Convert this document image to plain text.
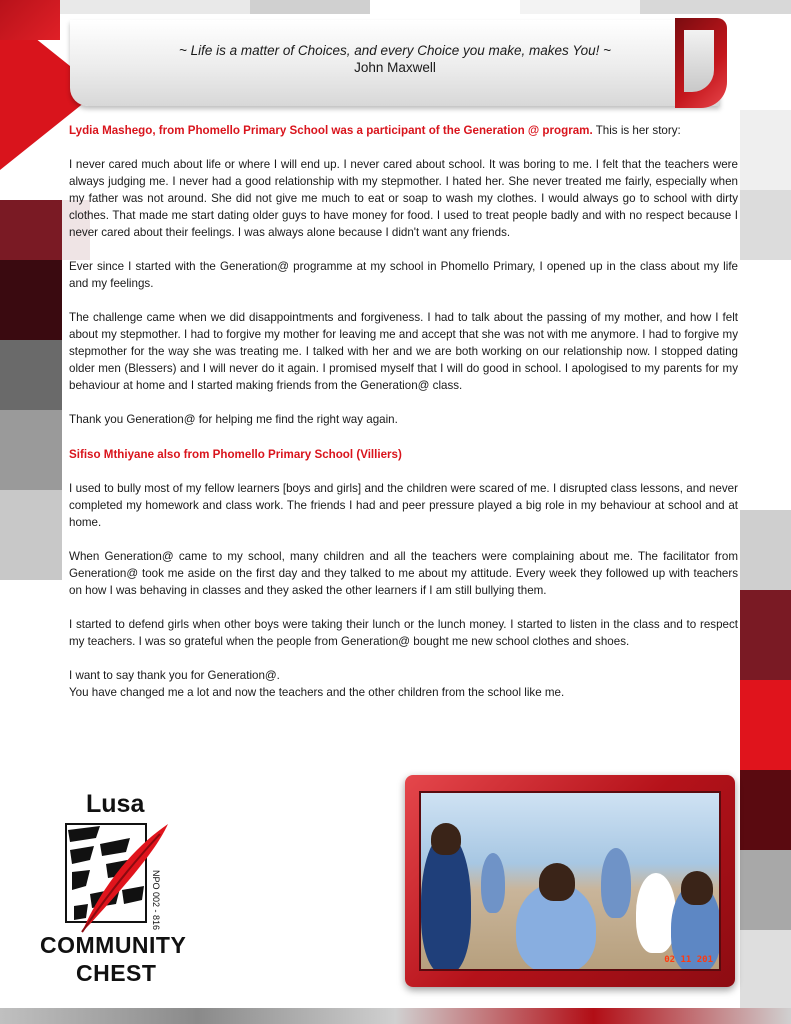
~ Life is a matter of Choices, and every Choice you make, makes You! ~
John Maxwell

Lydia Mashego, from Phomello Primary School was a participant of the Generation @ program. This is her story:

I never cared much about life or where I will end up. I never cared about school. It was boring to me. I felt that the teachers were always judging me. I never had a good relationship with my stepmother. I hated her. She never treated me fairly, especially when my father was not around. She did not give me much to eat or soap to wash my clothes. I would always go to school with dirty clothes. That made me start dating older guys to have money for food. I used to treat people badly and with no respect because I never cared about their feelings. I was always alone because I didn't want any friends.

Ever since I started with the Generation@ programme at my school in Phomello Primary, I opened up in the class about my life and my feelings.

The challenge came when we did disappointments and forgiveness. I had to talk about the passing of my mother, and how I felt about my stepmother. I had to forgive my mother for leaving me and accept that she was not with me anymore. I had to forgive my stepmother for the way she was treating me. I talked with her and we are both working on our relationship now. I stopped dating older men (Blessers) and I will never do it again. I promised myself that I will do good in school. I apologised to my parents for my behaviour at home and I started making friends from the Generation@ class.

Thank you Generation@ for helping me find the right way again.

Sifiso Mthiyane also from Phomello Primary School (Villiers)

I used to bully most of my fellow learners [boys and girls] and the children were scared of me. I disrupted class lessons, and never completed my homework and class work. The friends I had and peer pressure played a big role in my behaviour at school and at home.

When Generation@ came to my school, many children and all the teachers were complaining about me. The facilitator from Generation@ took me aside on the first day and they talked to me about my attitude. Every week they followed up with teachers on how I was behaving in classes and they asked the other learners if I am still bullying them.

I started to defend girls when other boys were taking their lunch or the lunch money. I started to listen in the class and to respect my teachers. I was so grateful when the people from Generation@ bought me new school clothes and shoes.

I want to say thank you for Generation@.

You have changed me a lot and now the teachers and the other children from the school like me.

Lusa
NPO 002 - 816
COMMUNITY
CHEST	02 11 201
